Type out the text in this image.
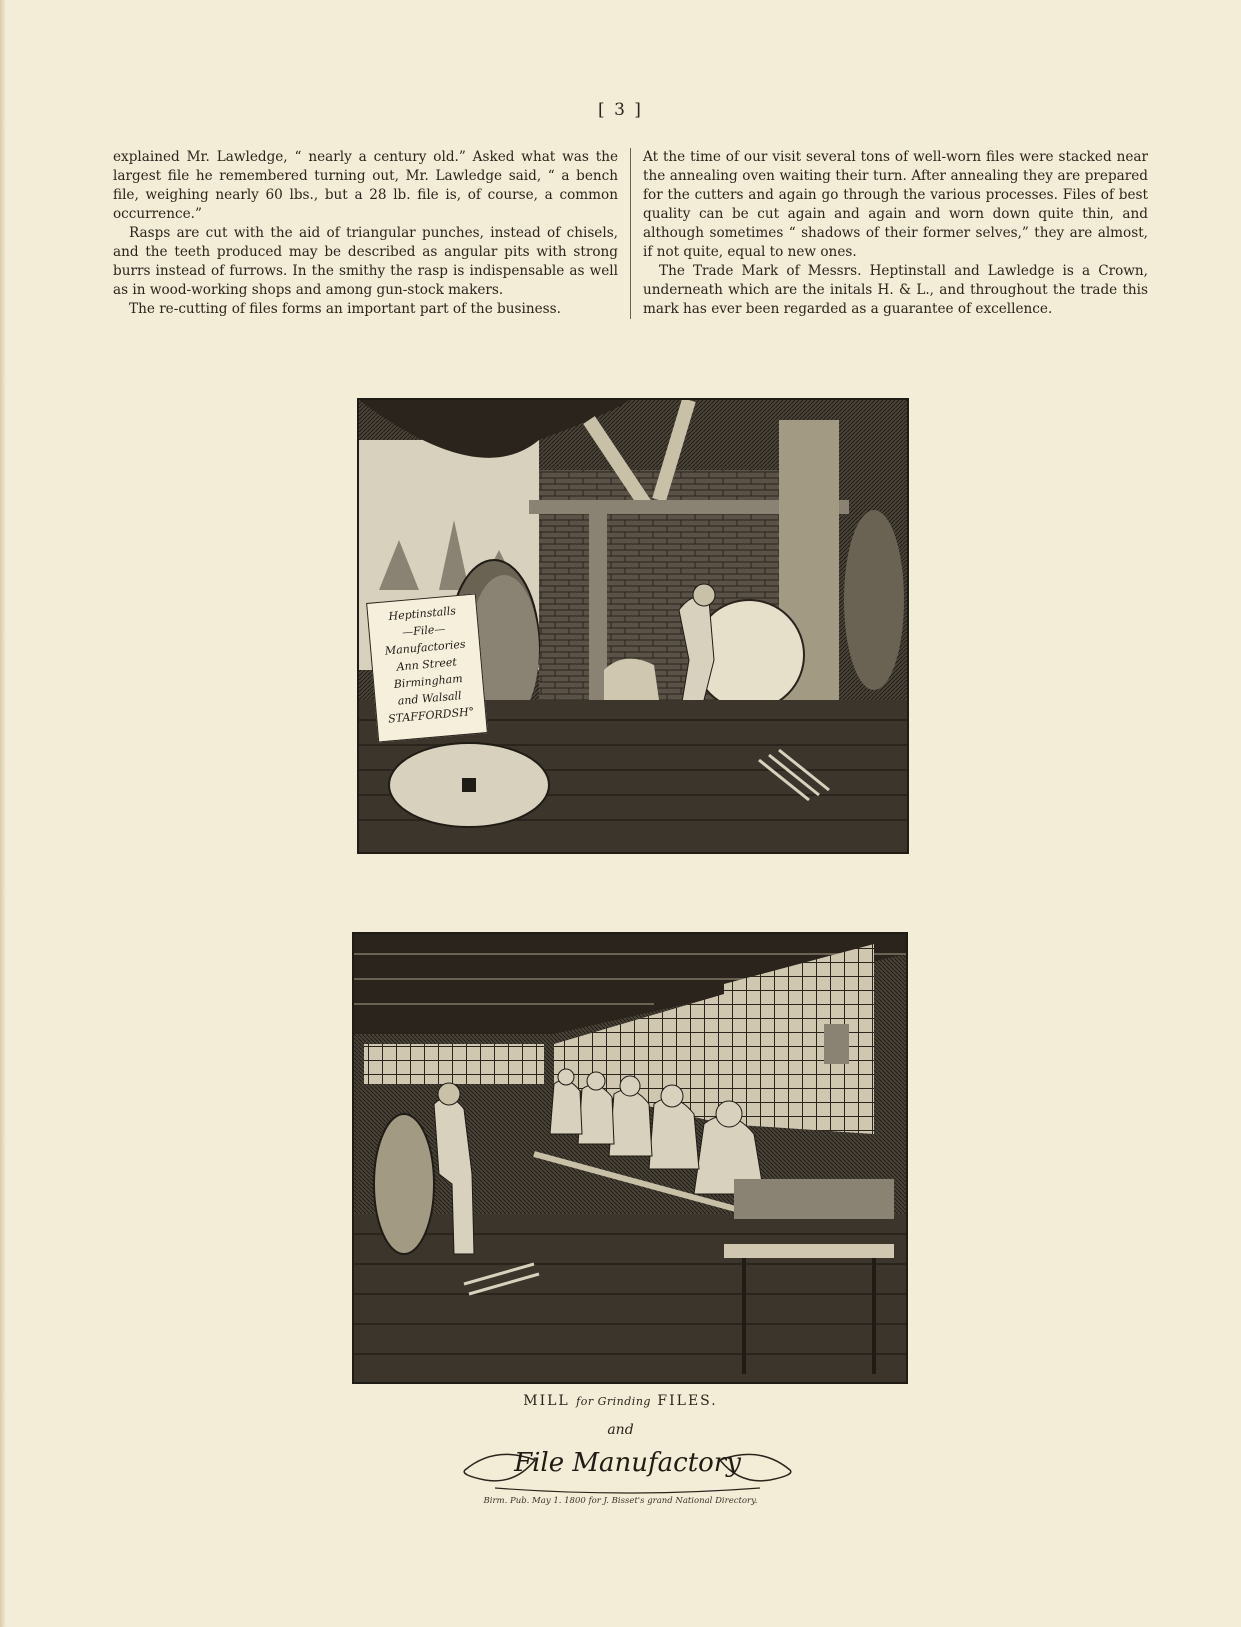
[ 3 ]

explained Mr. Lawledge, “ nearly a century old.” Asked what was the largest file he remembered turning out, Mr. Lawledge said, “ a bench file, weighing nearly 60 lbs., but a 28 lb. file is, of course, a common occurrence.”

Rasps are cut with the aid of triangular punches, instead of chisels, and the teeth produced may be described as angular pits with strong burrs instead of furrows. In the smithy the rasp is indispensable as well as in wood-working shops and among gun-stock makers.

The re-cutting of files forms an important part of the business.

At the time of our visit several tons of well-worn files were stacked near the annealing oven waiting their turn. After annealing they are prepared for the cutters and again go through the various processes. Files of best quality can be cut again and again and worn down quite thin, and although sometimes “ shadows of their former selves,” they are almost, if not quite, equal to new ones.

The Trade Mark of Messrs. Heptinstall and Lawledge is a Crown, underneath which are the initals H. & L., and throughout the trade this mark has ever been regarded as a guarantee of excellence.

Heptinstalls
—File—
Manufactories
Ann Street
Birmingham
and Walsall
STAFFORDSH°
MILL for Grinding FILES.
and
File Manufactory
Birm. Pub. May 1. 1800 for J. Bisset's grand National Directory.
